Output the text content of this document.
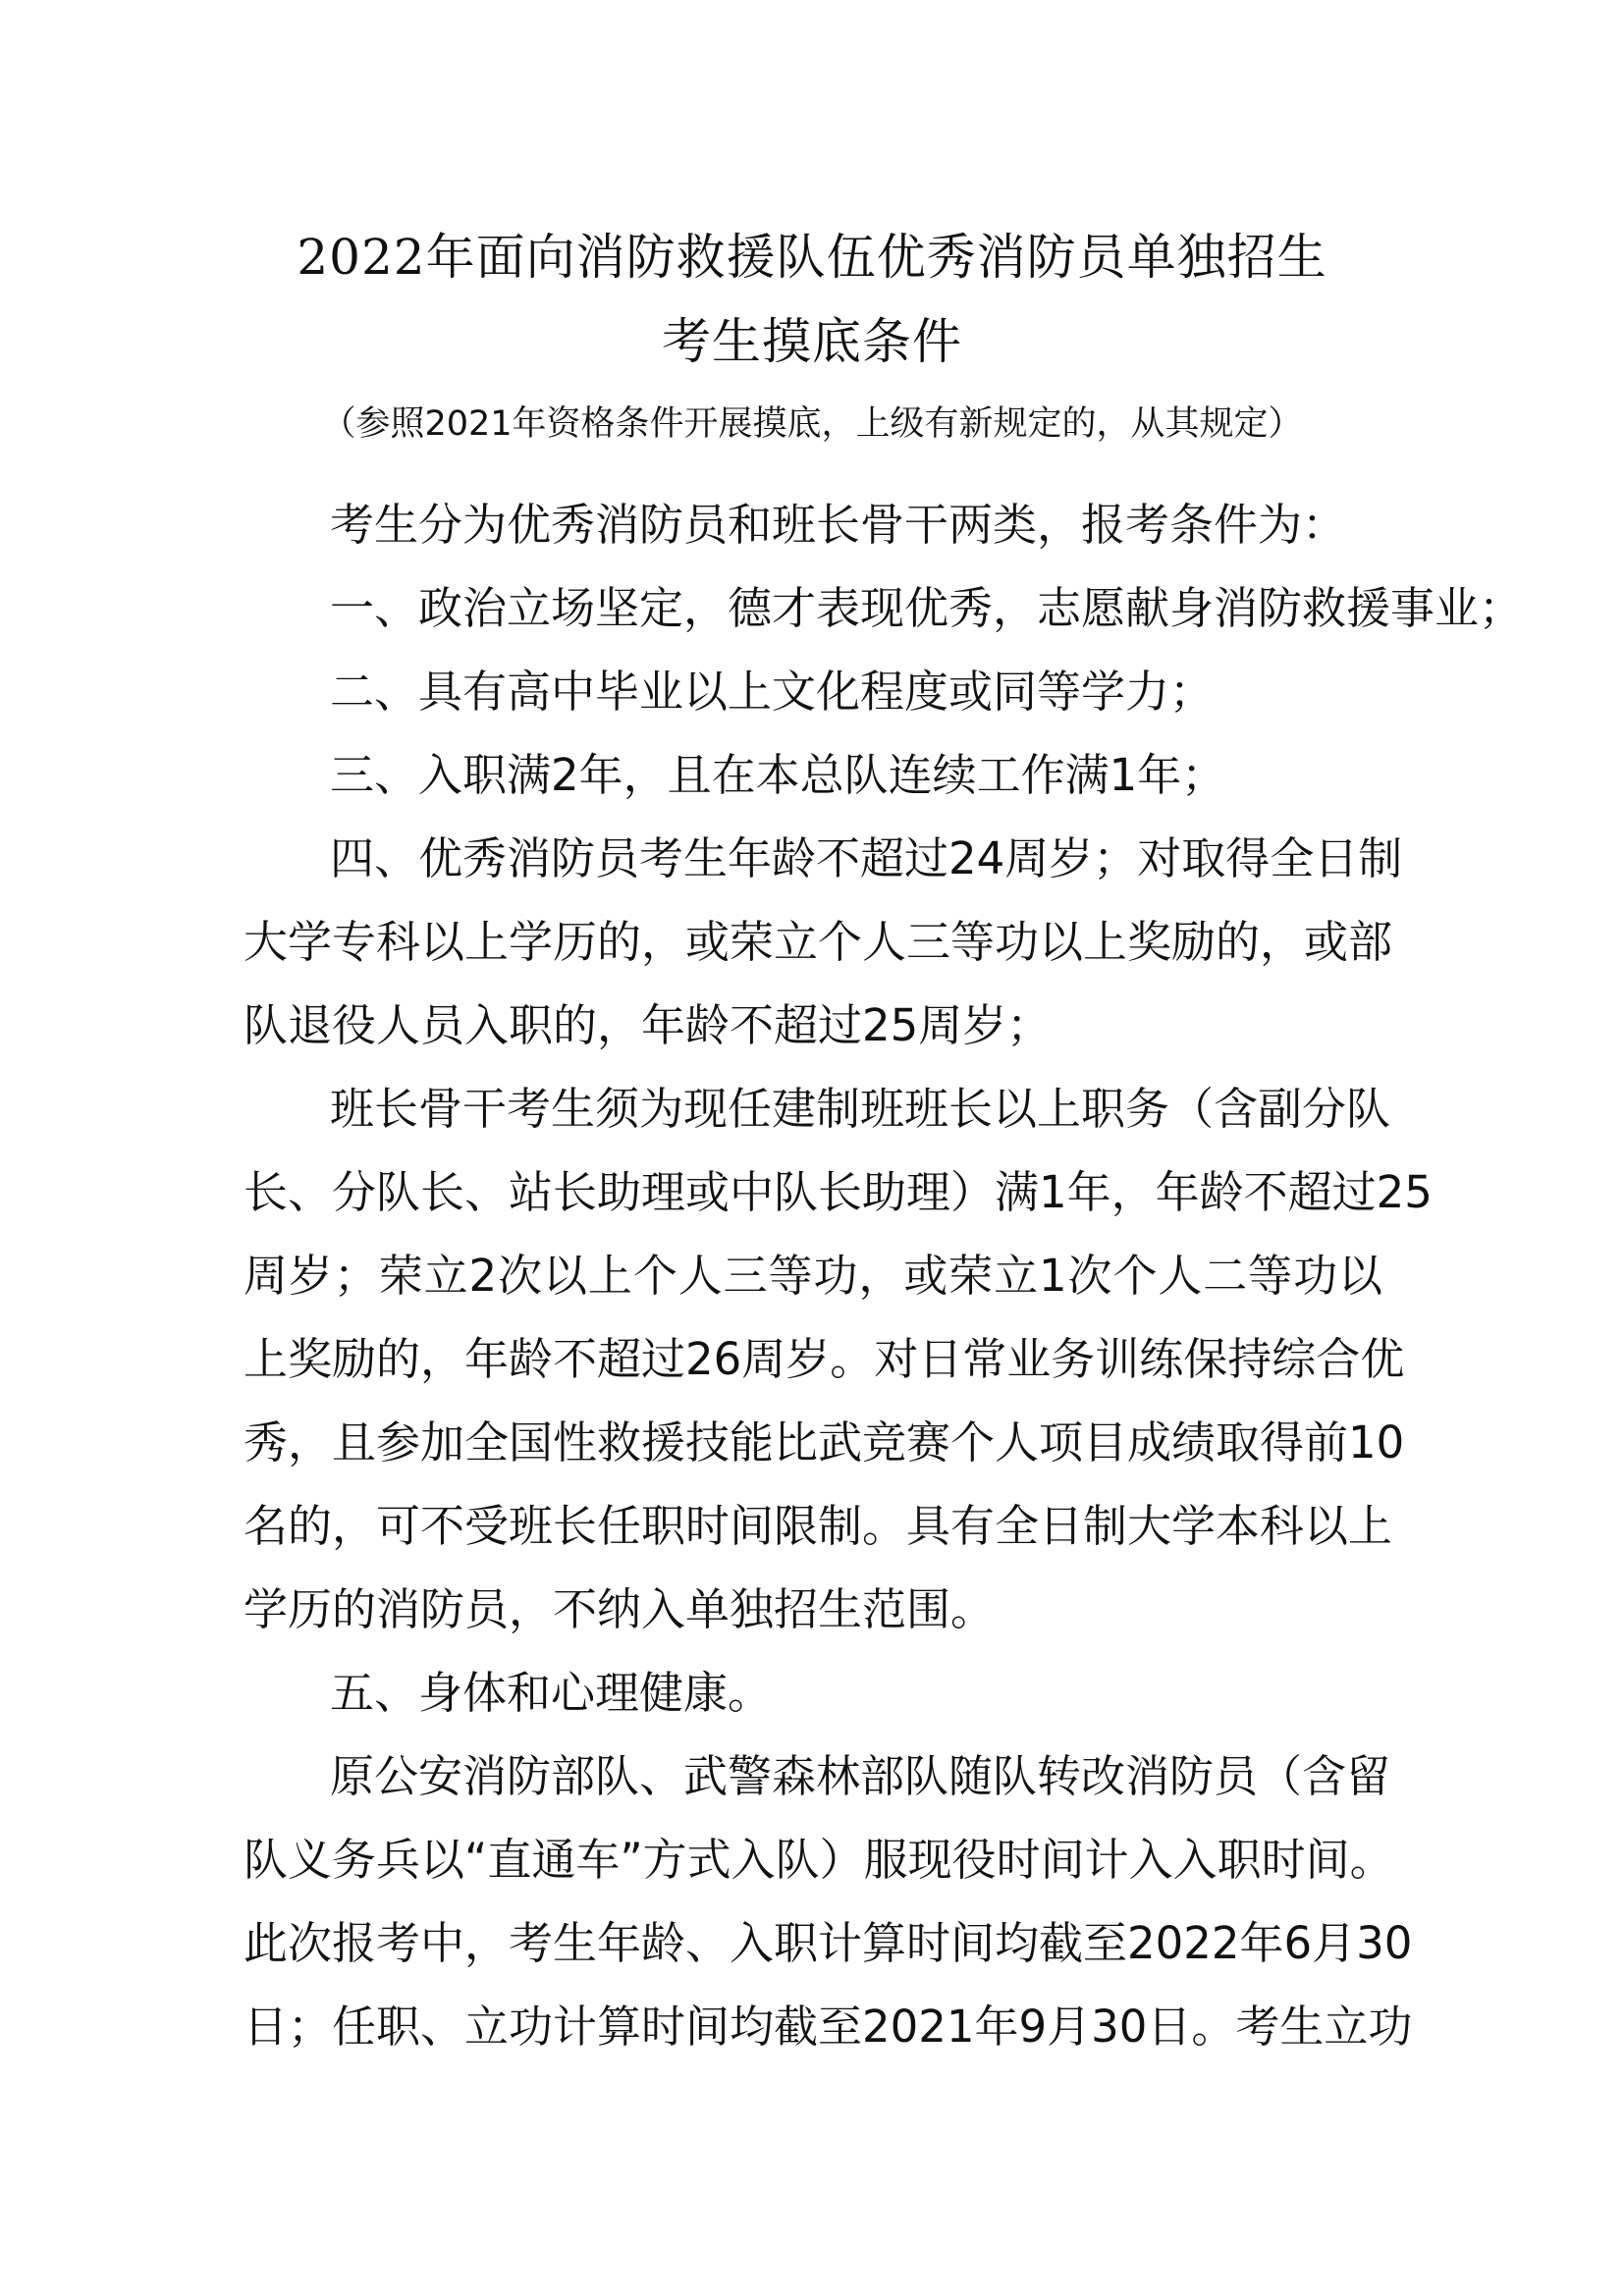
2022年面向消防救援队伍优秀消防员单独招生
考生摸底条件
（参照2021年资格条件开展摸底，上级有新规定的，从其规定）
考生分为优秀消防员和班长骨干两类，报考条件为：
一、政治立场坚定，德才表现优秀，志愿献身消防救援事业；
二、具有高中毕业以上文化程度或同等学力；
三、入职满2年，且在本总队连续工作满1年；
四、优秀消防员考生年龄不超过24周岁；对取得全日制
大学专科以上学历的，或荣立个人三等功以上奖励的，或部
队退役人员入职的，年龄不超过25周岁；
班长骨干考生须为现任建制班班长以上职务（含副分队
长、分队长、站长助理或中队长助理）满1年，年龄不超过25
周岁；荣立2次以上个人三等功，或荣立1次个人二等功以
上奖励的，年龄不超过26周岁。对日常业务训练保持综合优
秀，且参加全国性救援技能比武竞赛个人项目成绩取得前10
名的，可不受班长任职时间限制。具有全日制大学本科以上
学历的消防员，不纳入单独招生范围。
五、身体和心理健康。
原公安消防部队、武警森林部队随队转改消防员（含留
队义务兵以“直通车”方式入队）服现役时间计入入职时间。
此次报考中，考生年龄、入职计算时间均截至2022年6月30
日；任职、立功计算时间均截至2021年9月30日。考生立功
